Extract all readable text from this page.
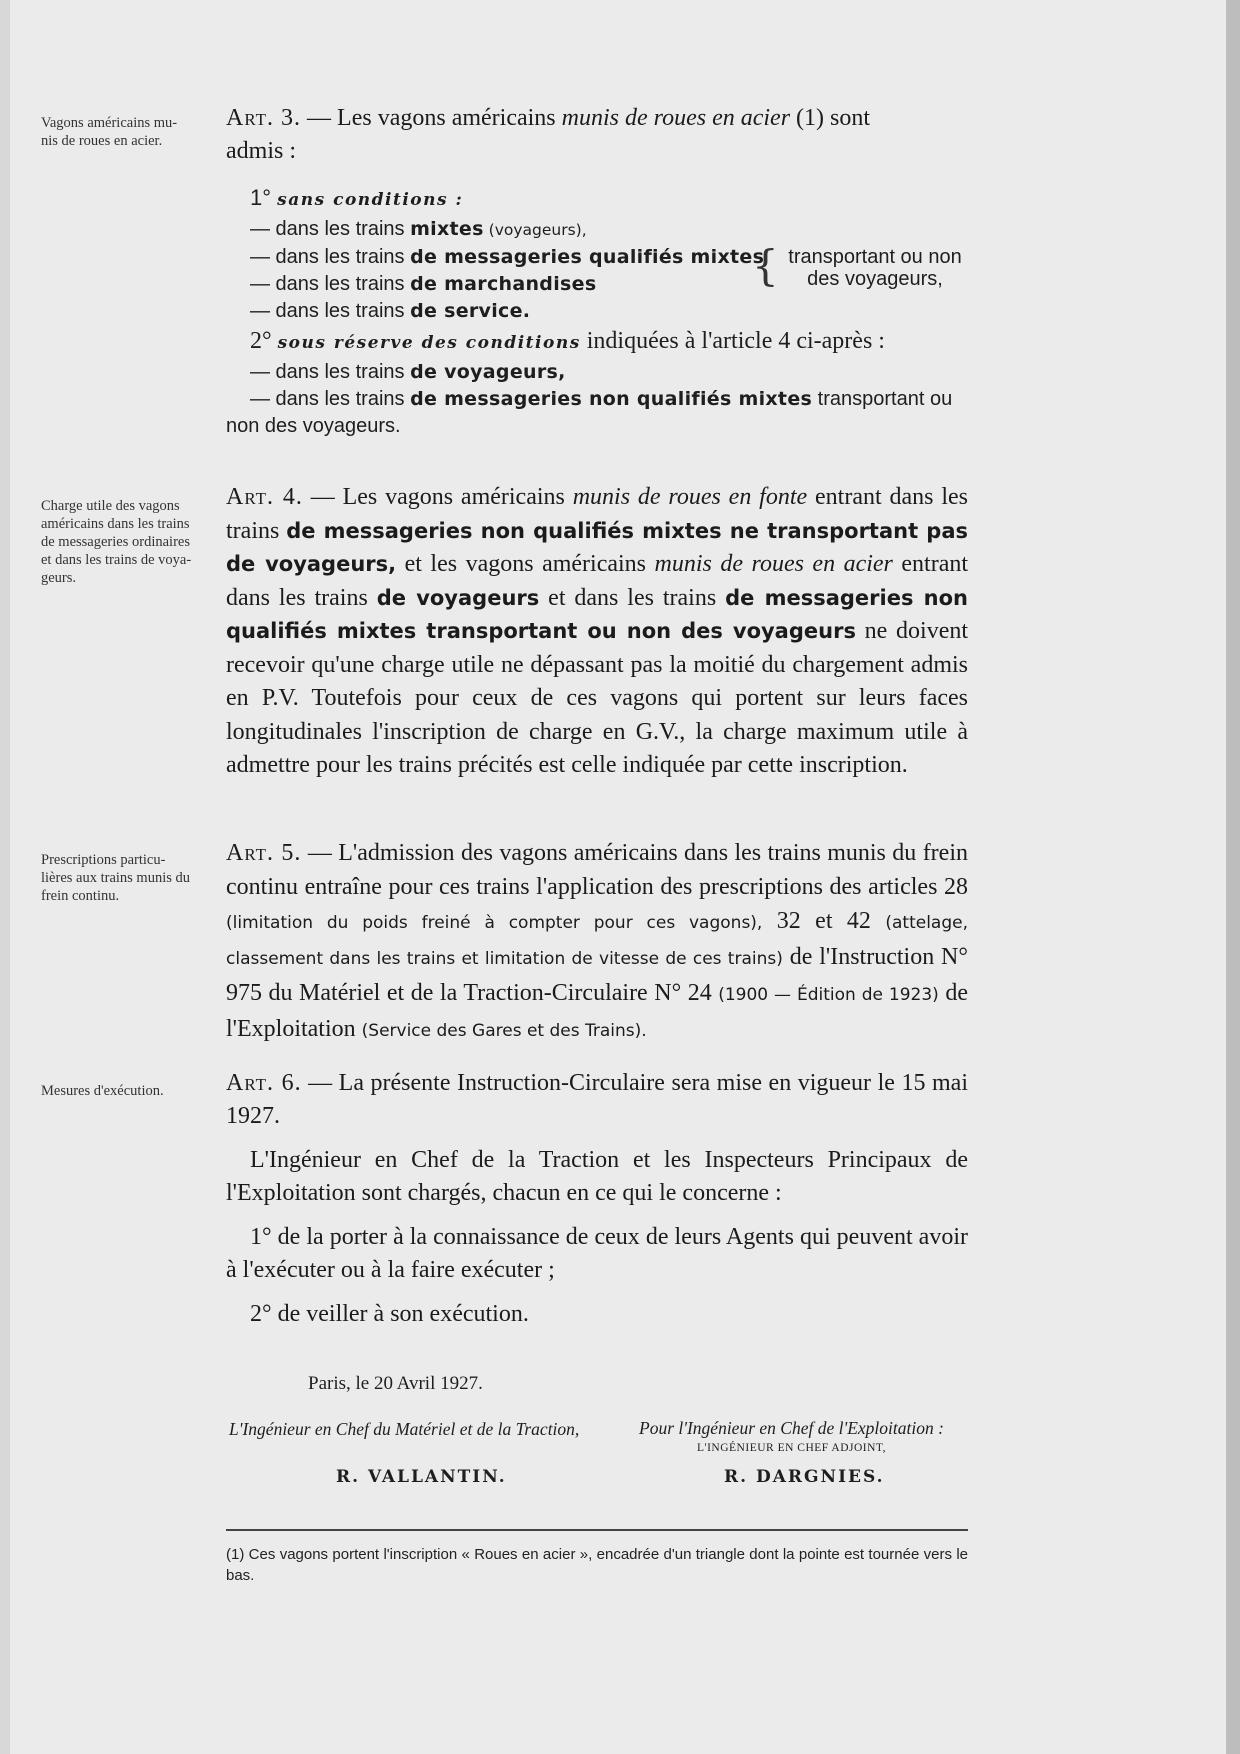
Vagons américains mu-
nis de roues en acier.
Charge utile des vagons
américains dans les trains
de messageries ordinaires
et dans les trains de voya-
geurs.
Prescriptions particu-
lières aux trains munis du
frein continu.
Mesures d'exécution.
Art. 3. — Les vagons américains munis de roues en acier (1) sont
admis :
1° sans conditions :
— dans les trains mixtes (voyageurs),
— dans les trains de messageries qualifiés mixtes
— dans les trains de marchandises
— dans les trains de service.
{ transportant ou non
des voyageurs,
2° sous réserve des conditions indiquées à l'article 4 ci-après :
— dans les trains de voyageurs,
— dans les trains de messageries non qualifiés mixtes transportant ou
non des voyageurs.
Art. 4. — Les vagons américains munis de roues en fonte entrant dans les trains de messageries non qualifiés mixtes ne transportant pas de voyageurs, et les vagons américains munis de roues en acier entrant dans les trains de voyageurs et dans les trains de messageries non qualifiés mixtes transportant ou non des voyageurs ne doivent recevoir qu'une charge utile ne dépassant pas la moitié du chargement admis en P.V. Toutefois pour ceux de ces vagons qui portent sur leurs faces longitudinales l'inscription de charge en G.V., la charge maximum utile à admettre pour les trains précités est celle indiquée par cette inscription.
Art. 5. — L'admission des vagons américains dans les trains munis du frein continu entraîne pour ces trains l'application des prescriptions des articles 28 (limitation du poids freiné à compter pour ces vagons), 32 et 42 (attelage, classement dans les trains et limitation de vitesse de ces trains) de l'Instruction N° 975 du Matériel et de la Traction-Circulaire N° 24 (1900 — Édition de 1923) de l'Exploitation (Service des Gares et des Trains).
Art. 6. — La présente Instruction-Circulaire sera mise en vigueur le 15 mai 1927.
L'Ingénieur en Chef de la Traction et les Inspecteurs Principaux de l'Exploitation sont chargés, chacun en ce qui le concerne :
1° de la porter à la connaissance de ceux de leurs Agents qui peuvent avoir à l'exécuter ou à la faire exécuter ;
2° de veiller à son exécution.
Paris, le 20 Avril 1927.
L'Ingénieur en Chef du Matériel et de la Traction,
R. VALLANTIN.
Pour l'Ingénieur en Chef de l'Exploitation :
L'INGÉNIEUR EN CHEF ADJOINT,
R. DARGNIES.
(1) Ces vagons portent l'inscription « Roues en acier », encadrée d'un triangle dont la pointe est tournée vers le bas.
